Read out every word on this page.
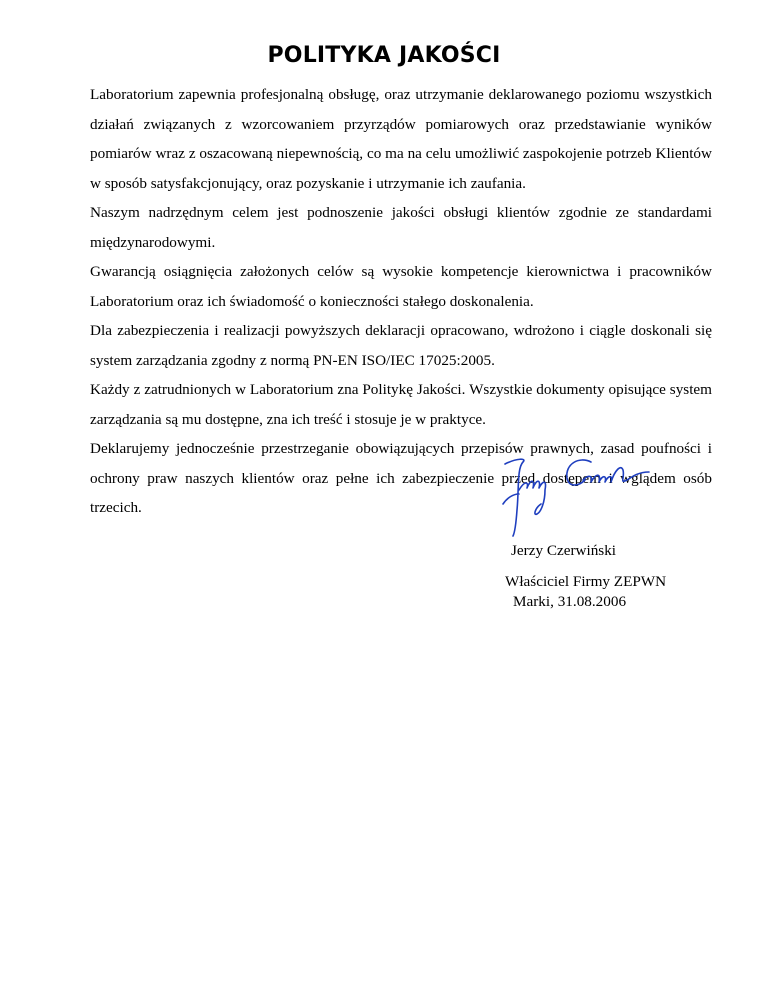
POLITYKA JAKOŚCI

Laboratorium zapewnia profesjonalną obsługę, oraz utrzymanie deklarowanego poziomu wszystkich działań związanych z wzorcowaniem przyrządów pomiarowych oraz przedstawianie wyników pomiarów wraz z oszacowaną niepewnością, co ma na celu umożliwić zaspokojenie potrzeb Klientów w sposób satysfakcjonujący, oraz pozyskanie i utrzymanie ich zaufania.

Naszym nadrzędnym celem jest podnoszenie jakości obsługi klientów zgodnie ze standardami międzynarodowymi.

Gwarancją osiągnięcia założonych celów są wysokie kompetencje kierownictwa i pracowników Laboratorium oraz ich świadomość o konieczności stałego doskonalenia.

Dla zabezpieczenia i realizacji powyższych deklaracji opracowano, wdrożono i ciągle doskonali się system zarządzania zgodny z normą PN-EN ISO/IEC 17025:2005.

Każdy z zatrudnionych w Laboratorium zna Politykę Jakości. Wszystkie dokumenty opisujące system zarządzania są mu dostępne, zna ich treść i stosuje je w praktyce.

Deklarujemy jednocześnie przestrzeganie obowiązujących przepisów prawnych, zasad poufności i ochrony praw naszych klientów oraz pełne ich zabezpieczenie przed dostępem i wglądem osób trzecich.

Jerzy Czerwiński

Właściciel Firmy ZEPWN

Marki, 31.08.2006
